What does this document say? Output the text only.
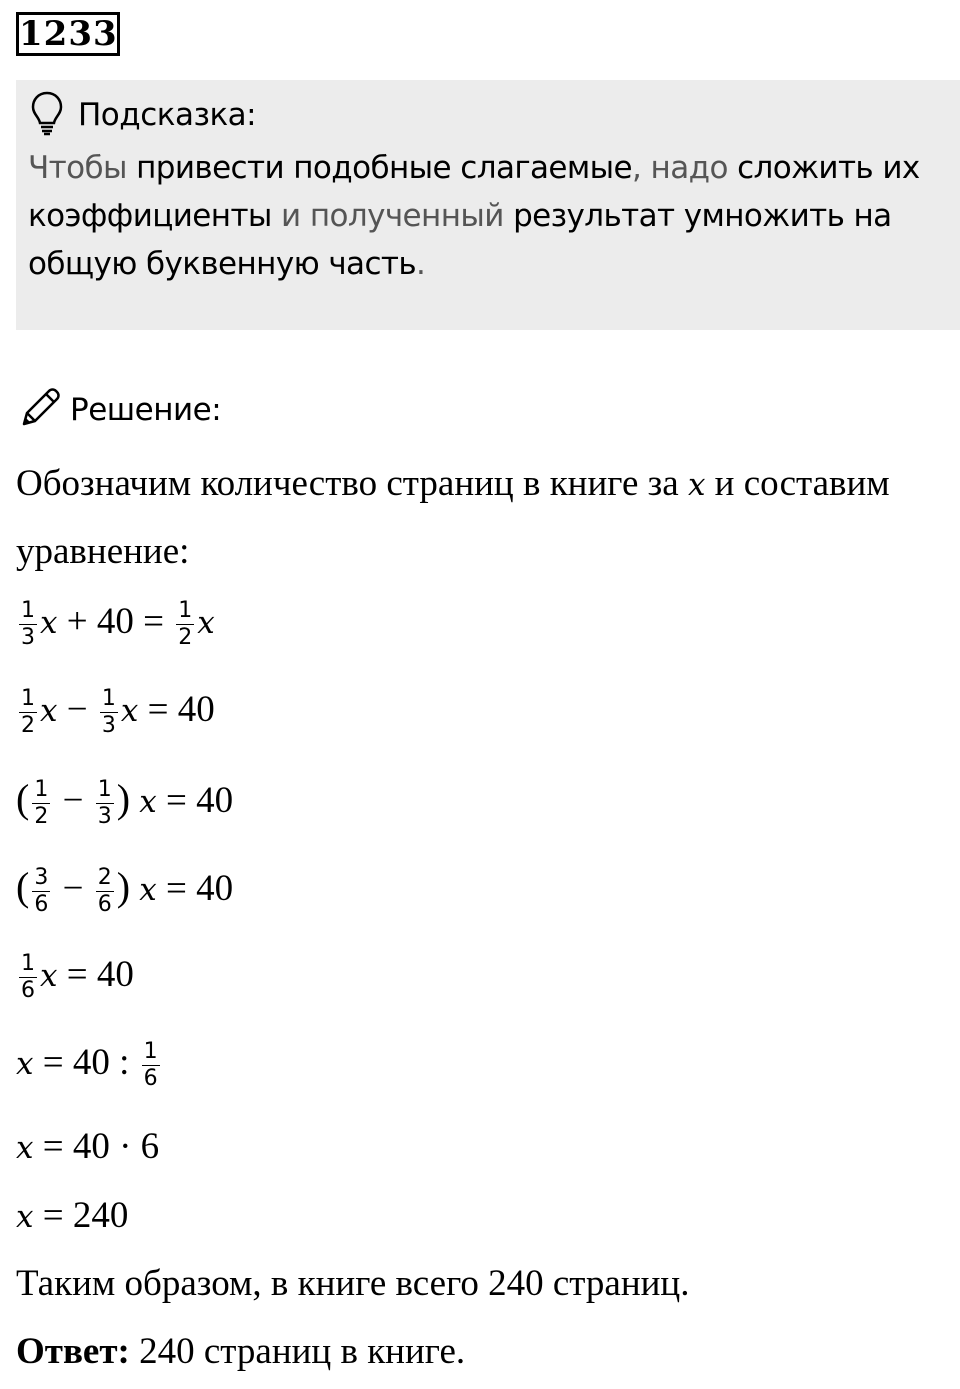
1233
Подсказка:
Чтобы привести подобные слагаемые, надо сложить их коэффициенты и полученный результат умножить на общую буквенную часть.
Решение:
Обозначим количество страниц в книге за x и составим
уравнение:
$\frac{1}{3}$ $x + 40 = \frac{1}{2}$ x
$\frac{1}{2}$ $x - \frac{1}{3}$ x = 40
( $\frac{1}{2} - \frac{1}{3}$ ) x = 40
( $\frac{3}{6} - \frac{2}{6}$ ) x = 40
$\frac{1}{6}$ x = 40
x = 40 : $\frac{1}{6}$
x = 40 · 6
x = 240
Таким образом, в книге всего 240 страниц.
Ответ: 240 страниц в книге.
